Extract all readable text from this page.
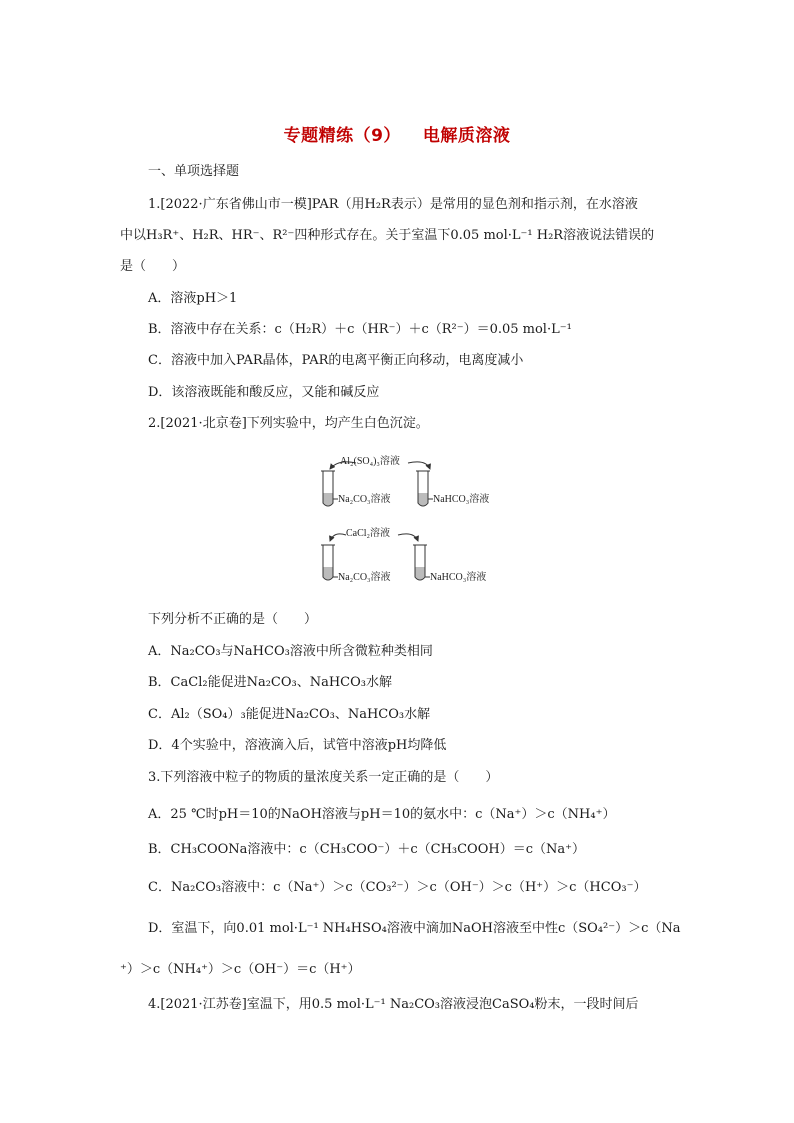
专题精练（9） 电解质溶液
一、单项选择题
1.[2022·广东省佛山市一模]PAR（用H₂R表示）是常用的显色剂和指示剂，在水溶液
中以H₃R⁺、H₂R、HR⁻、R²⁻四种形式存在。关于室温下0.05 mol·L⁻¹ H₂R溶液说法错误的
是（　　）
A．溶液pH＞1
B．溶液中存在关系：c（H₂R）＋c（HR⁻）＋c（R²⁻）＝0.05 mol·L⁻¹
C．溶液中加入PAR晶体，PAR的电离平衡正向移动，电离度减小
D．该溶液既能和酸反应，又能和碱反应
2.[2021·北京卷]下列实验中，均产生白色沉淀。
Al₂(SO₄)₃溶液
Na₂CO₃溶液	NaHCO₃溶液
CaCl₂溶液
Na₂CO₃溶液	NaHCO₃溶液
下列分析不正确的是（　　）
A．Na₂CO₃与NaHCO₃溶液中所含微粒种类相同
B．CaCl₂能促进Na₂CO₃、NaHCO₃水解
C．Al₂（SO₄）₃能促进Na₂CO₃、NaHCO₃水解
D．4个实验中，溶液滴入后，试管中溶液pH均降低
3.下列溶液中粒子的物质的量浓度关系一定正确的是（　　）
A．25 ℃时pH＝10的NaOH溶液与pH＝10的氨水中：c（Na⁺）＞c（NH₄⁺）
B．CH₃COONa溶液中：c（CH₃COO⁻）＋c（CH₃COOH）＝c（Na⁺）
C．Na₂CO₃溶液中：c（Na⁺）＞c（CO₃²⁻）＞c（OH⁻）＞c（H⁺）＞c（HCO₃⁻）
D．室温下，向0.01 mol·L⁻¹ NH₄HSO₄溶液中滴加NaOH溶液至中性c（SO₄²⁻）＞c（Na
⁺）＞c（NH₄⁺）＞c（OH⁻）＝c（H⁺）
4.[2021·江苏卷]室温下，用0.5 mol·L⁻¹ Na₂CO₃溶液浸泡CaSO₄粉末，一段时间后
